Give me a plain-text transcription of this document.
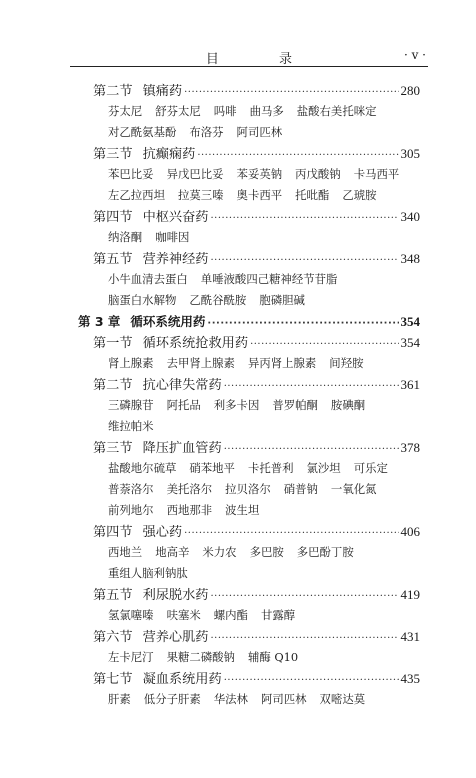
目 录	· v ·
第二节 镇痛药 ·····	280
芬太尼 舒芬太尼 吗啡 曲马多 盐酸右美托咪定
对乙酰氨基酚 布洛芬 阿司匹林
第三节 抗癫痫药 ·····	305
苯巴比妥 异戊巴比妥 苯妥英钠 丙戊酸钠 卡马西平
左乙拉西坦 拉莫三嗪 奥卡西平 托吡酯 乙琥胺
第四节 中枢兴奋药 ·····	340
纳洛酮 咖啡因
第五节 营养神经药 ·····	348
小牛血清去蛋白 单唾液酸四己糖神经节苷脂
脑蛋白水解物 乙酰谷酰胺 胞磷胆碱
第 3 章 循环系统用药 ·····	354
第一节 循环系统抢救用药 ·····	354
肾上腺素 去甲肾上腺素 异丙肾上腺素 间羟胺
第二节 抗心律失常药 ·····	361
三磷腺苷 阿托品 利多卡因 普罗帕酮 胺碘酮
维拉帕米
第三节 降压扩血管药 ·····	378
盐酸地尔硫草 硝苯地平 卡托普利 氯沙坦 可乐定
普萘洛尔 美托洛尔 拉贝洛尔 硝普钠 一氧化氮
前列地尔 西地那非 波生坦
第四节 强心药 ·····	406
西地兰 地高辛 米力农 多巴胺 多巴酚丁胺
重组人脑利钠肽
第五节 利尿脱水药 ·····	419
氢氯噻嗪 呋塞米 螺内酯 甘露醇
第六节 营养心肌药 ·····	431
左卡尼汀 果糖二磷酸钠 辅酶 Q10
第七节 凝血系统用药 ·····	435
肝素 低分子肝素 华法林 阿司匹林 双嘧达莫
